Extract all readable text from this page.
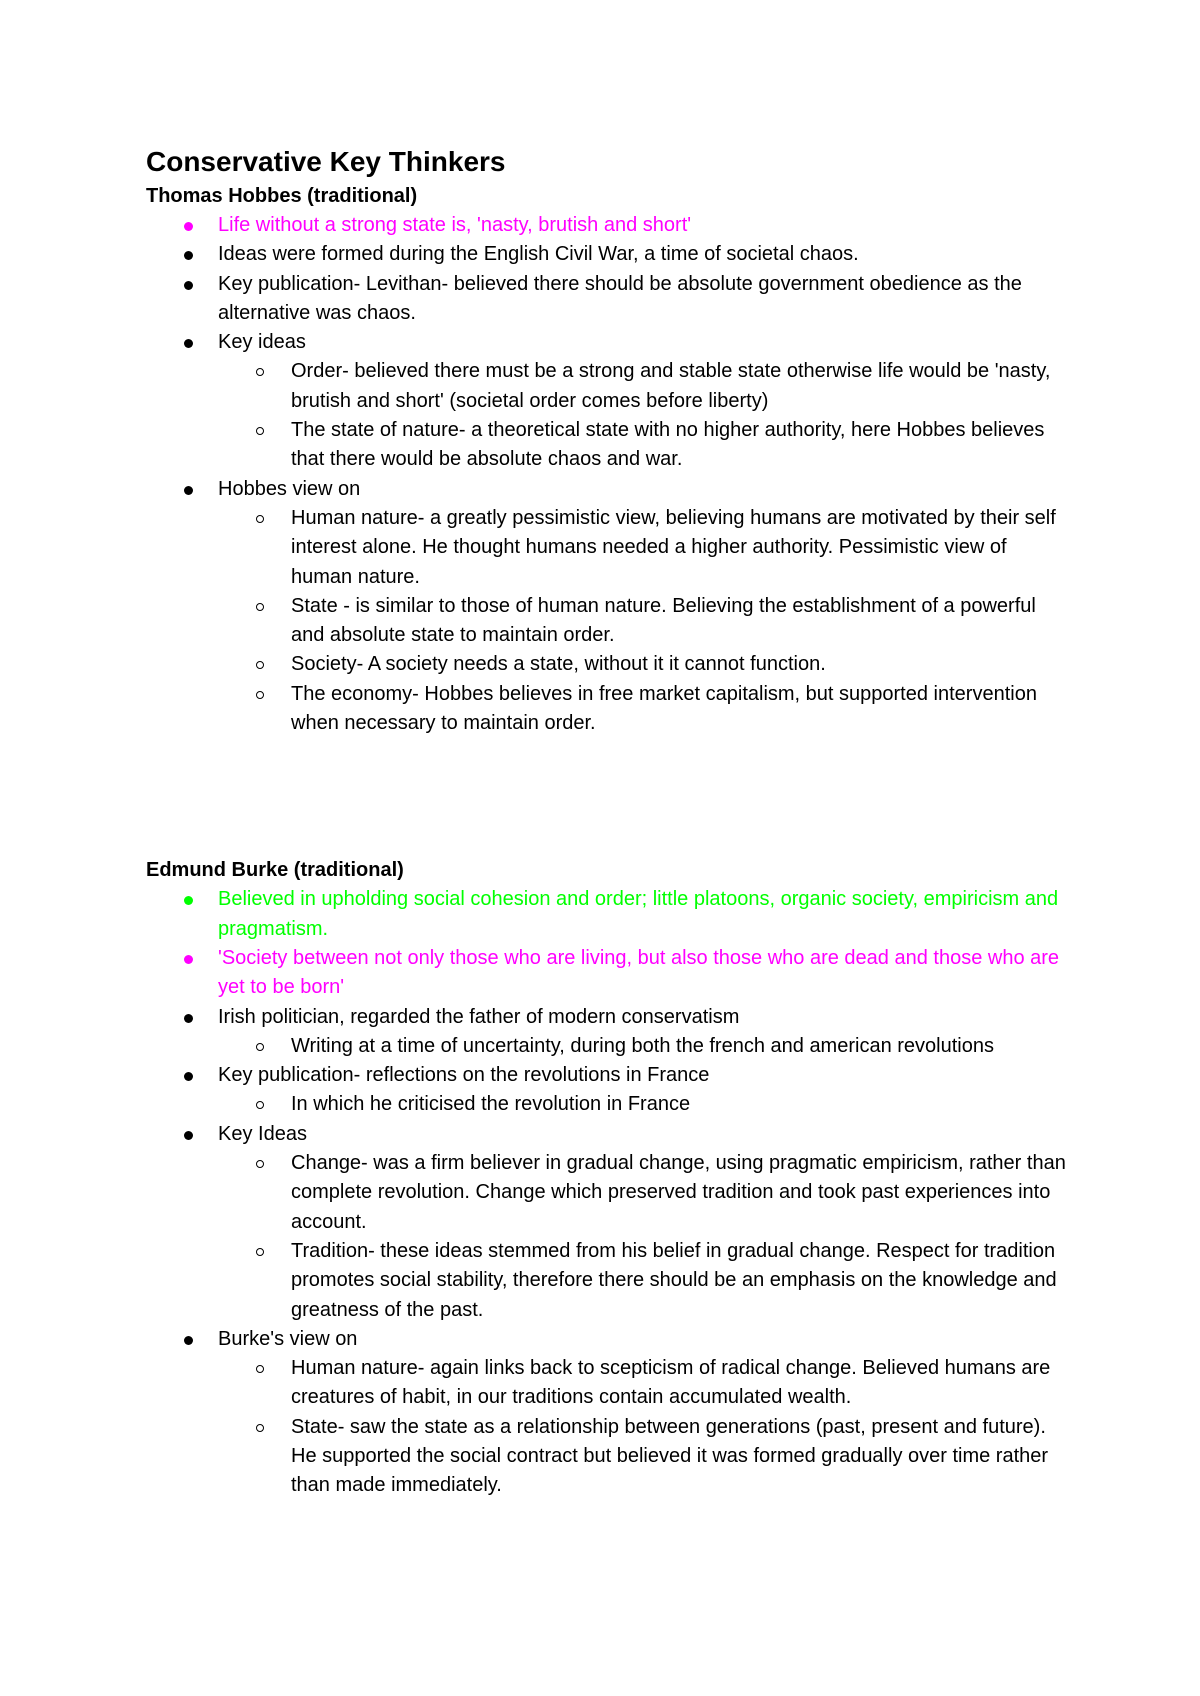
Conservative Key Thinkers
Thomas Hobbes (traditional)
Life without a strong state is, 'nasty, brutish and short'
Ideas were formed during the English Civil War, a time of societal chaos.
Key publication- Levithan- believed there should be absolute government obedience as the alternative was chaos.
Key ideas
Order- believed there must be a strong and stable state otherwise life would be 'nasty, brutish and short' (societal order comes before liberty)
The state of nature- a theoretical state with no higher authority, here Hobbes believes that there would be absolute chaos and war.
Hobbes view on
Human nature- a greatly pessimistic view, believing humans are motivated by their self interest alone. He thought humans needed a higher authority. Pessimistic view of human nature.
State - is similar to those of human nature. Believing the establishment of a powerful and absolute state to maintain order.
Society- A society needs a state, without it it cannot function.
The economy- Hobbes believes in free market capitalism, but supported intervention when necessary to maintain order.
Edmund Burke (traditional)
Believed in upholding social cohesion and order; little platoons, organic society, empiricism and pragmatism.
'Society between not only those who are living, but also those who are dead and those who are yet to be born'
Irish politician, regarded the father of modern conservatism
Writing at a time of uncertainty, during both the french and american revolutions
Key publication- reflections on the revolutions in France
In which he criticised the revolution in France
Key Ideas
Change- was a firm believer in gradual change, using pragmatic empiricism, rather than complete revolution. Change which preserved tradition and took past experiences into account.
Tradition- these ideas stemmed from his belief in gradual change. Respect for tradition promotes social stability, therefore there should be an emphasis on the knowledge and greatness of the past.
Burke's view on
Human nature- again links back to scepticism of radical change. Believed humans are creatures of habit, in our traditions contain accumulated wealth.
State- saw the state as a relationship between generations (past, present and future). He supported the social contract but believed it was formed gradually over time rather than made immediately.
